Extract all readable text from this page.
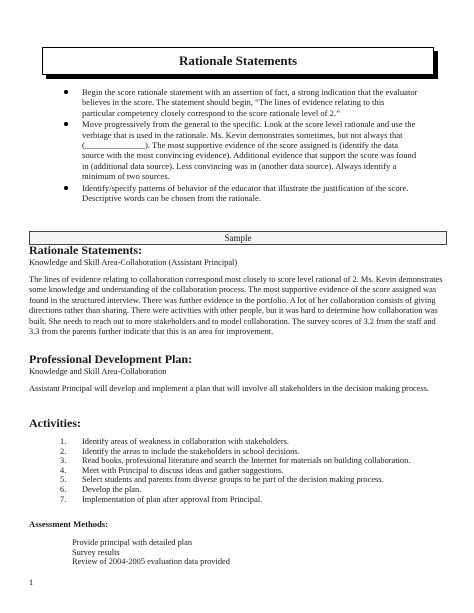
Rationale Statements
Begin the score rationale statement with an assertion of fact, a strong indication that the evaluator believes in the score. The statement should begin, “The lines of evidence relating to this particular competency closely correspond to the score rationale level of 2.”
Move progressively from the general to the specific. Look at the score level rationale and use the verbiage that is used in the rationale. Ms. Kevin demonstrates sometimes, but not always that (______________). The most supportive evidence of the score assigned is (identify the data source with the most convincing evidence). Additional evidence that support the score was found in (additional data source). Less convincing was in (another data source). Always identify a minimum of two sources.
Identify/specify patterns of behavior of the educator that illustrate the justification of the score. Descriptive words can be chosen from the rationale.
Sample
Rationale Statements:
Knowledge and Skill Area-Collaboration (Assistant Principal)
The lines of evidence relating to collaboration correspond most closely to score level rational of 2. Ms. Kevin demonstrates some knowledge and understanding of the collaboration process. The most supportive evidence of the score assigned was found in the structured interview. There was further evidence in the portfolio. A lot of her collaboration consists of giving directions rather than sharing. There were activities with other people, but it was hard to determine how collaboration was built. She needs to reach out to more stakeholders and to model collaboration. The survey scores of 3.2 from the staff and 3.3 from the parents further indicate that this is an area for improvement.
Professional Development Plan:
Knowledge and Skill Area-Collaboration
Assistant Principal will develop and implement a plan that will involve all stakeholders in the decision making process.
Activities:
1. Identify areas of weakness in collaboration with stakeholders.
2. Identify the areas to include the stakeholders in school decisions.
3. Read books, professional literature and search the Internet for materials on building collaboration.
4. Meet with Principal to discuss ideas and gather suggestions.
5. Select students and parents from diverse groups to be part of the decision making process.
6. Develop the plan.
7. Implementation of plan after approval from Principal.
Assessment Methods:
Provide principal with detailed plan
Survey results
Review of 2004-2005 evaluation data provided
1
